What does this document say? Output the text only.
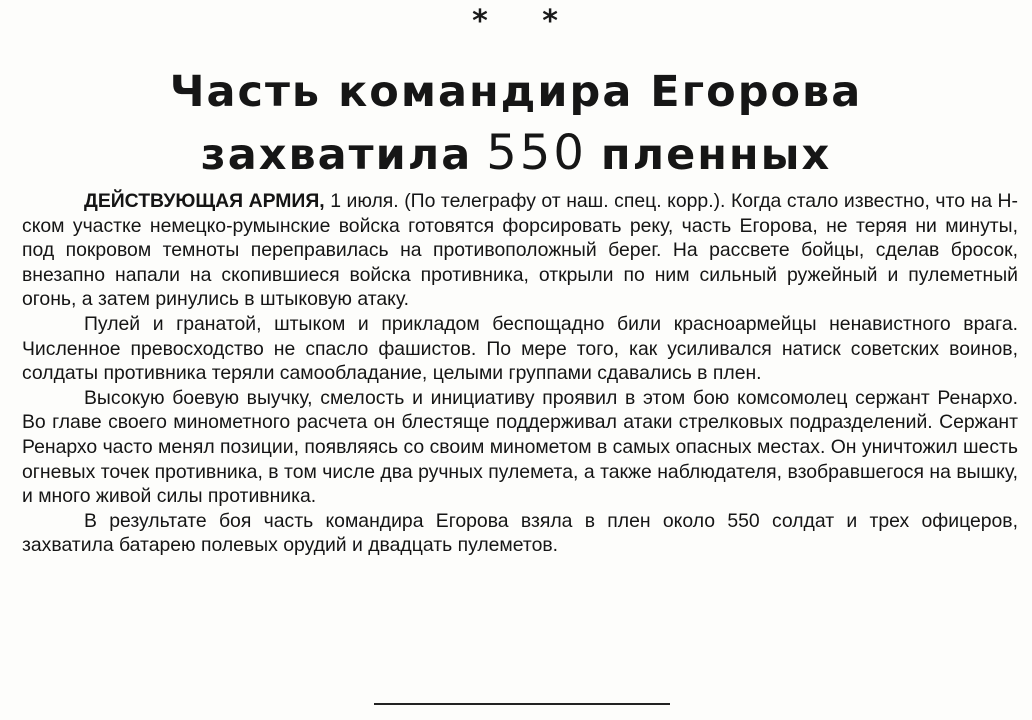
* *
Часть командира Егорова
захватила 550 пленных

ДЕЙСТВУЮЩАЯ АРМИЯ, 1 июля. (По телеграфу от наш. спец. корр.). Когда стало известно, что на Н-ском участке немецко-румынские войска готовятся форсировать реку, часть Егорова, не теряя ни минуты, под покровом темноты переправилась на противоположный берег. На рассвете бойцы, сделав бросок, внезапно напали на скопившиеся войска противника, открыли по ним сильный ружейный и пулеметный огонь, а затем ринулись в штыковую атаку.

Пулей и гранатой, штыком и прикладом беспощадно били красноармейцы ненавистного врага. Численное превосходство не спасло фашистов. По мере того, как усиливался натиск советских воинов, солдаты противника теряли самообладание, целыми группами сдавались в плен.

Высокую боевую выучку, смелость и инициативу проявил в этом бою комсомолец сержант Ренархо. Во главе своего минометного расчета он блестяще поддерживал атаки стрелковых подразделений. Сержант Ренархо часто менял позиции, появляясь со своим минометом в самых опасных местах. Он уничтожил шесть огневых точек противника, в том числе два ручных пулемета, а также наблюдателя, взобравшегося на вышку, и много живой силы противника.

В результате боя часть командира Егорова взяла в плен около 550 солдат и трех офицеров, захватила батарею полевых орудий и двадцать пулеметов.
